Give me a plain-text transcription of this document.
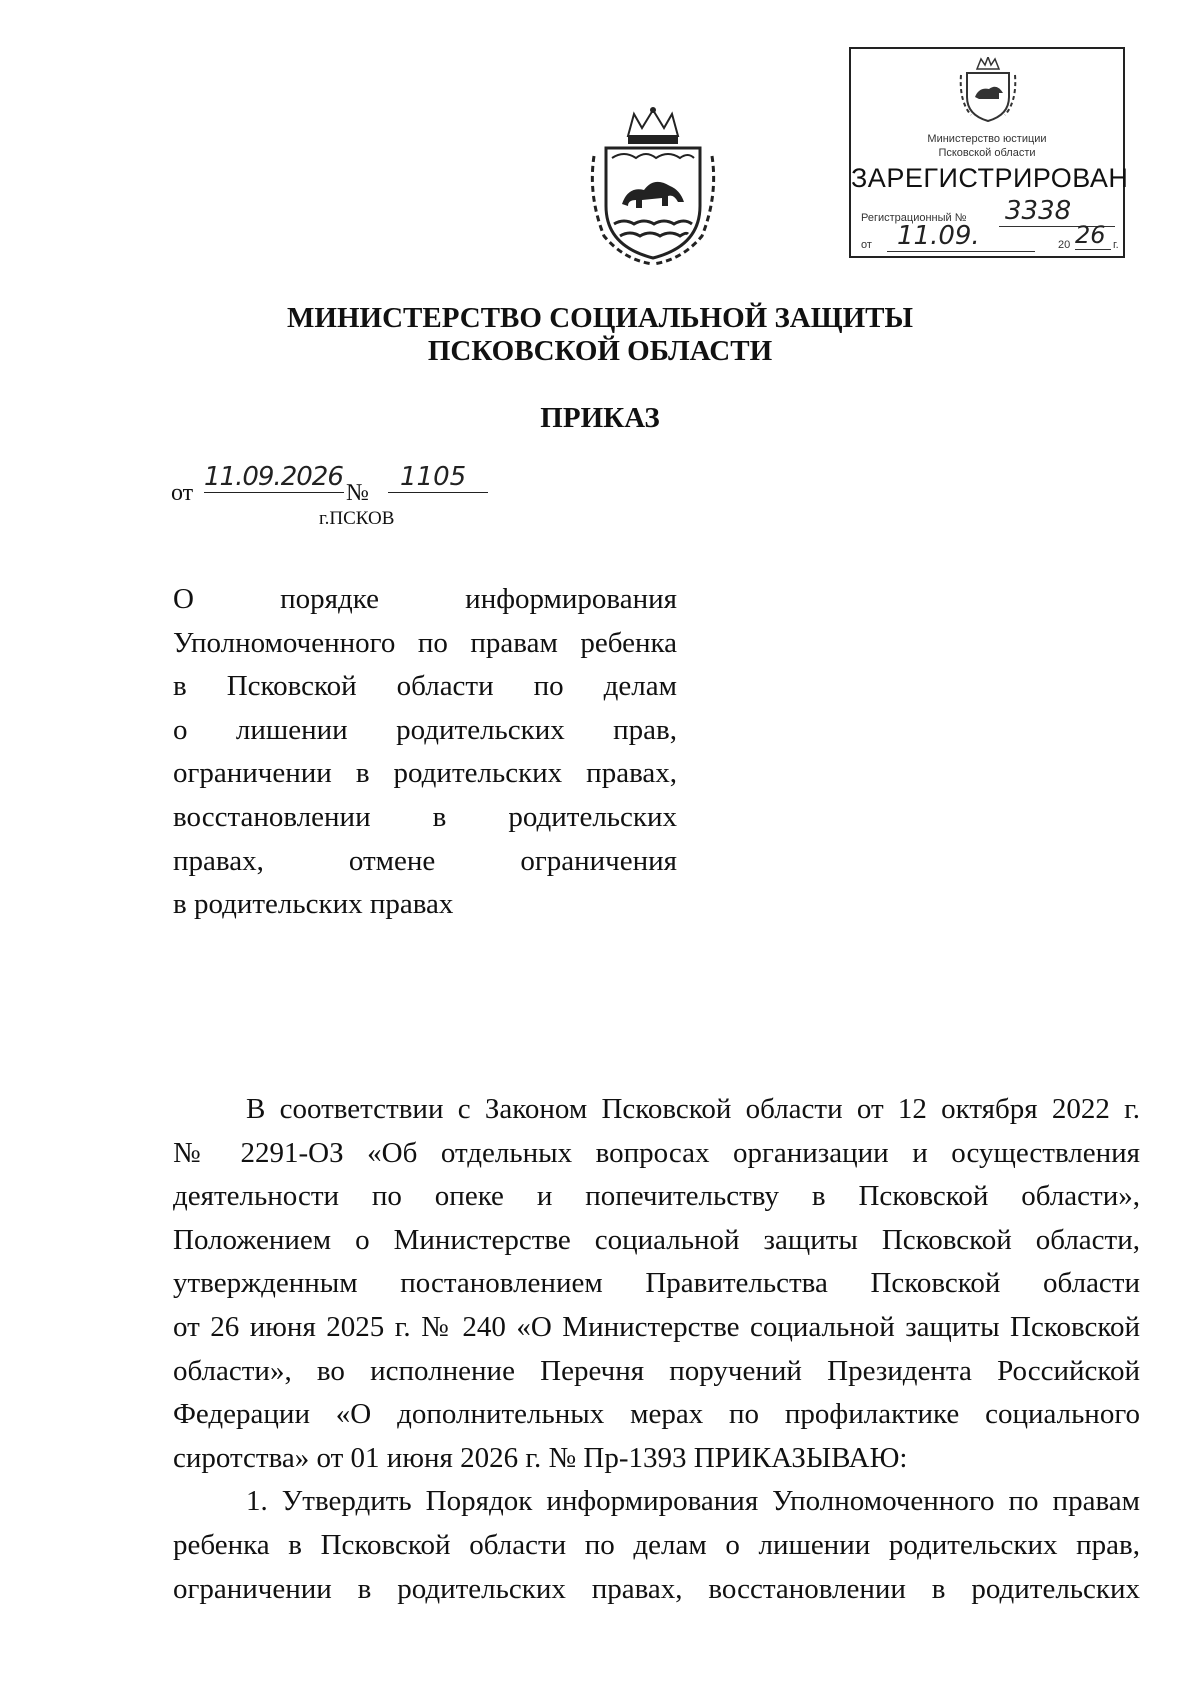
Министерство юстиции
Псковской области
ЗАРЕГИСТРИРОВАН
Регистрационный № 3338
от 11.09.	20 26 г.
МИНИСТЕРСТВО СОЦИАЛЬНОЙ ЗАЩИТЫ
ПСКОВСКОЙ ОБЛАСТИ
ПРИКАЗ
от
11.09.2026
№
1105
г.ПСКОВ
О порядке информирования
Уполномоченного по правам ребенка
в Псковской области по делам
о лишении родительских прав,
ограничении в родительских правах,
восстановлении в родительских
правах, отмене ограничения
в родительских правах
В соответствии с Законом Псковской области от 12 октября 2022 г.
№ 2291-ОЗ «Об отдельных вопросах организации и осуществления
деятельности по опеке и попечительству в Псковской области»,
Положением о Министерстве социальной защиты Псковской области,
утвержденным постановлением Правительства Псковской области
от 26 июня 2025 г. № 240 «О Министерстве социальной защиты Псковской
области», во исполнение Перечня поручений Президента Российской
Федерации «О дополнительных мерах по профилактике социального
сиротства» от 01 июня 2026 г. № Пр-1393 ПРИКАЗЫВАЮ:
1. Утвердить Порядок информирования Уполномоченного по правам
ребенка в Псковской области по делам о лишении родительских прав,
ограничении в родительских правах, восстановлении в родительских
